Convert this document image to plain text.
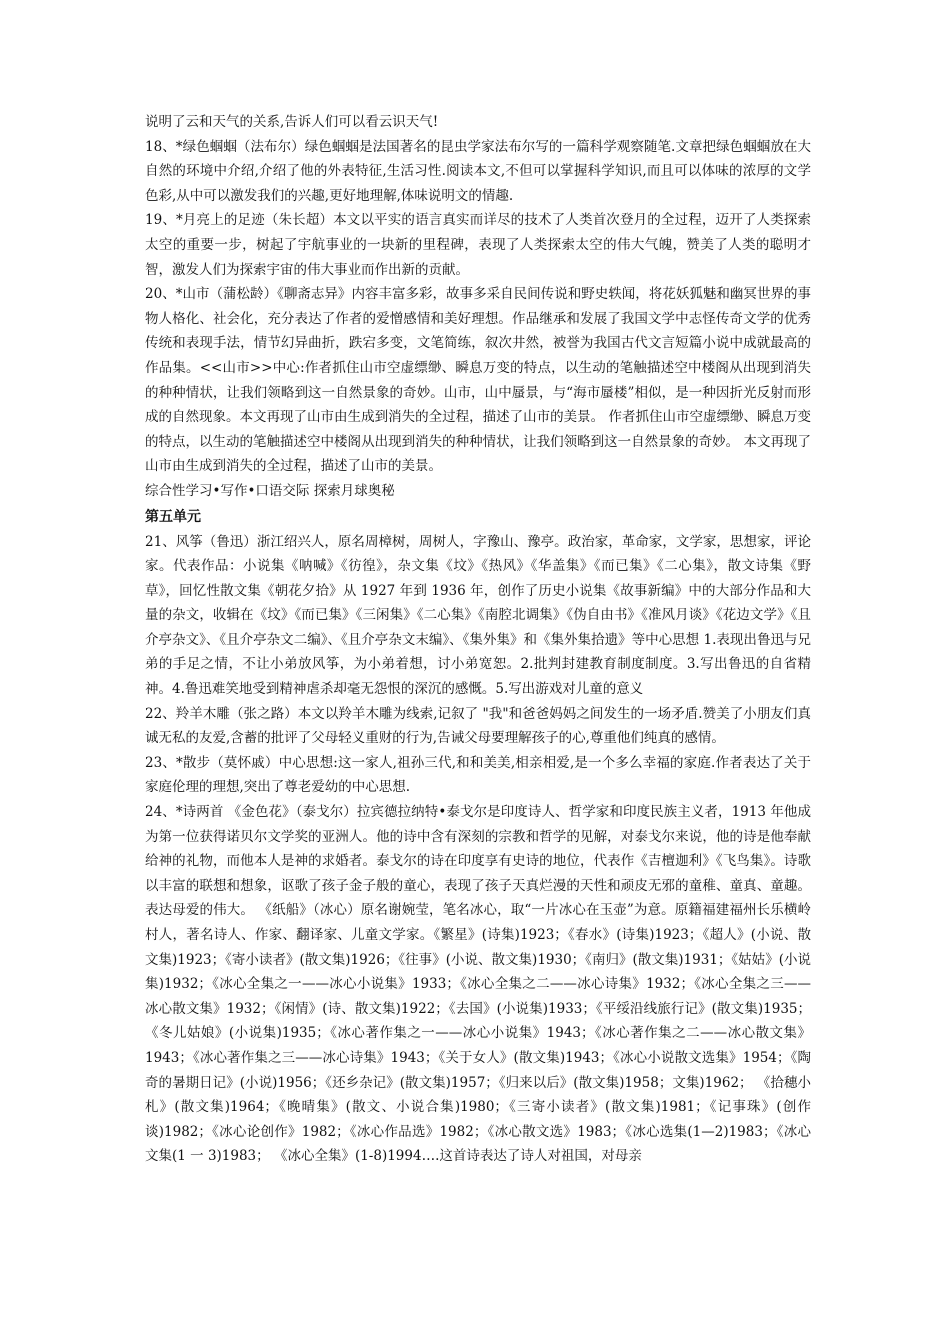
说明了云和天气的关系,告诉人们可以看云识天气!

18、*绿色蝈蝈（法布尔）绿色蝈蝈是法国著名的昆虫学家法布尔写的一篇科学观察随笔.文章把绿色蝈蝈放在大自然的环境中介绍,介绍了他的外表特征,生活习性.阅读本文,不但可以掌握科学知识,而且可以体味的浓厚的文学色彩,从中可以激发我们的兴趣,更好地理解,体味说明文的情趣.

19、*月亮上的足迹（朱长超）本文以平实的语言真实而详尽的技术了人类首次登月的全过程，迈开了人类探索太空的重要一步，树起了宇航事业的一块新的里程碑，表现了人类探索太空的伟大气魄，赞美了人类的聪明才智，激发人们为探索宇宙的伟大事业而作出新的贡献。

20、*山市（蒲松龄）《聊斋志异》内容丰富多彩，故事多采自民间传说和野史轶闻，将花妖狐魅和幽冥世界的事物人格化、社会化，充分表达了作者的爱憎感情和美好理想。作品继承和发展了我国文学中志怪传奇文学的优秀传统和表现手法，情节幻异曲折，跌宕多变，文笔简练，叙次井然，被誉为我国古代文言短篇小说中成就最高的作品集。<<山市>>中心:作者抓住山市空虚缥缈、瞬息万变的特点，以生动的笔触描述空中楼阁从出现到消失的种种情状，让我们领略到这一自然景象的奇妙。山市，山中蜃景，与“海市蜃楼”相似，是一种因折光反射而形成的自然现象。本文再现了山市由生成到消失的全过程，描述了山市的美景。 作者抓住山市空虚缥缈、瞬息万变的特点，以生动的笔触描述空中楼阁从出现到消失的种种情状，让我们领略到这一自然景象的奇妙。 本文再现了山市由生成到消失的全过程，描述了山市的美景。

综合性学习•写作•口语交际 探索月球奥秘

第五单元

21、风筝（鲁迅）浙江绍兴人，原名周樟树，周树人，字豫山、豫亭。政治家，革命家，文学家，思想家，评论家。代表作品：小说集《呐喊》《彷徨》，杂文集《坟》《热风》《华盖集》《而已集》《二心集》，散文诗集《野草》，回忆性散文集《朝花夕拾》从 1927 年到 1936 年，创作了历史小说集《故事新编》中的大部分作品和大量的杂文，收辑在《坟》《而已集》《三闲集》《二心集》《南腔北调集》《伪自由书》《准风月谈》《花边文学》《且介亭杂文》、《且介亭杂文二编》、《且介亭杂文末编》、《集外集》和《集外集拾遗》等中心思想 1.表现出鲁迅与兄弟的手足之情，不让小弟放风筝，为小弟着想，讨小弟宽恕。2.批判封建教育制度制度。3.写出鲁迅的自省精神。4.鲁迅难笑地受到精神虐杀却毫无怨恨的深沉的感慨。5.写出游戏对儿童的意义

22、羚羊木雕（张之路）本文以羚羊木雕为线索,记叙了 "我"和爸爸妈妈之间发生的一场矛盾.赞美了小朋友们真诚无私的友爱,含蓄的批评了父母轻义重财的行为,告诫父母要理解孩子的心,尊重他们纯真的感情。

23、*散步（莫怀戚）中心思想:这一家人,祖孙三代,和和美美,相亲相爱,是一个多么幸福的家庭.作者表达了关于家庭伦理的理想,突出了尊老爱幼的中心思想.

24、*诗两首 《金色花》（泰戈尔）拉宾德拉纳特•泰戈尔是印度诗人、哲学家和印度民族主义者，1913 年他成为第一位获得诺贝尔文学奖的亚洲人。他的诗中含有深刻的宗教和哲学的见解，对泰戈尔来说，他的诗是他奉献给神的礼物，而他本人是神的求婚者。泰戈尔的诗在印度享有史诗的地位，代表作《吉檀迦利》《飞鸟集》。诗歌以丰富的联想和想象，讴歌了孩子金子般的童心，表现了孩子天真烂漫的天性和顽皮无邪的童稚、童真、童趣。表达母爱的伟大。 《纸船》（冰心）原名谢婉莹，笔名冰心，取“一片冰心在玉壶”为意。原籍福建福州长乐横岭村人，著名诗人、作家、翻译家、儿童文学家。《繁星》(诗集)1923；《春水》(诗集)1923；《超人》(小说、散文集)1923；《寄小读者》(散文集)1926；《往事》(小说、散文集)1930；《南归》(散文集)1931；《姑姑》(小说集)1932；《冰心全集之一——冰心小说集》1933；《冰心全集之二——冰心诗集》1932；《冰心全集之三——冰心散文集》1932；《闲情》(诗、散文集)1922；《去国》(小说集)1933；《平绥沿线旅行记》(散文集)1935；《冬儿姑娘》(小说集)1935；《冰心著作集之一——冰心小说集》1943；《冰心著作集之二——冰心散文集》1943；《冰心著作集之三——冰心诗集》1943；《关于女人》(散文集)1943；《冰心小说散文选集》1954；《陶奇的暑期日记》(小说)1956；《还乡杂记》(散文集)1957；《归来以后》(散文集)1958；文集)1962； 《拾穗小札》(散文集)1964；《晚晴集》(散文、小说合集)1980；《三寄小读者》(散文集)1981；《记事珠》(创作谈)1982；《冰心论创作》1982；《冰心作品选》1982；《冰心散文选》1983；《冰心选集(1—2)1983；《冰心文集(1 一 3)1983； 《冰心全集》(1-8)1994….这首诗表达了诗人对祖国，对母亲
